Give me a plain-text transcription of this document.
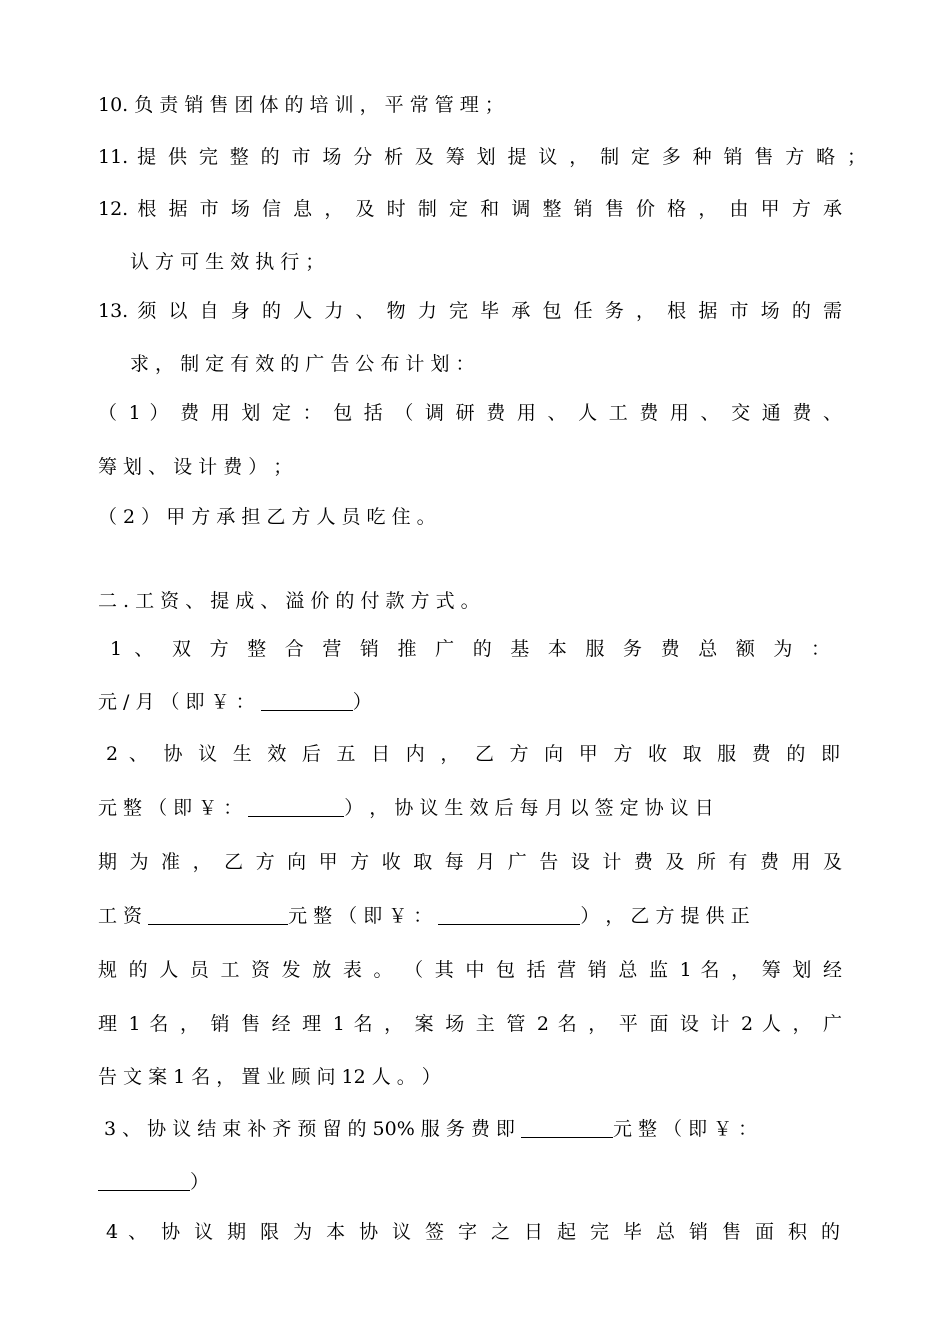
10. 负 责 销 售 团 体 的 培 训 ， 平 常 管 理 ；
11. 提 供 完 整 的 市 场 分 析 及 筹 划 提 议 ， 制 定 多 种 销 售 方 略 ；
12. 根 据 市 场 信 息 ， 及 时 制 定 和 调 整 销 售 价 格 ， 由 甲 方 承
认 方 可 生 效 执 行 ；
13. 须 以 自 身 的 人 力 、 物 力 完 毕 承 包 任 务 ， 根 据 市 场 的 需
求 ， 制 定 有 效 的 广 告 公 布 计 划 ：
（ 1 ） 费 用 划 定 ： 包 括 （ 调 研 费 用 、 人 工 费 用 、 交 通 费 、
筹 划 、 设 计 费 ） ；
（ 2 ） 甲 方 承 担 乙 方 人 员 吃 住 。
二 . 工 资 、 提 成 、 溢 价 的 付 款 方 式 。
1 、 双 方 整 合 营 销 推 广 的 基 本 服 务 费 总 额 为 ：
元 / 月 （ 即 ￥ ：	）
2 、 协 议 生 效 后 五 日 内 ， 乙 方 向 甲 方 收 取 服 费 的 即
元 整 （ 即 ￥ ：	） ， 协 议 生 效 后 每 月 以 签 定 协 议 日
期 为 准 ， 乙 方 向 甲 方 收 取 每 月 广 告 设 计 费 及 所 有 费 用 及
工 资	元 整 （ 即 ￥ ：	） ， 乙 方 提 供 正
规 的 人 员 工 资 发 放 表 。 （ 其 中 包 括 营 销 总 监 1 名 ， 筹 划 经
理 1 名 ， 销 售 经 理 1 名 ， 案 场 主 管 2 名 ， 平 面 设 计 2 人 ， 广
告 文 案 1 名 ， 置 业 顾 问 12 人 。 ）
3 、 协 议 结 束 补 齐 预 留 的 50% 服 务 费 即	元 整 （ 即 ￥ ：
）
4 、 协 议 期 限 为 本 协 议 签 字 之 日 起 完 毕 总 销 售 面 积 的
